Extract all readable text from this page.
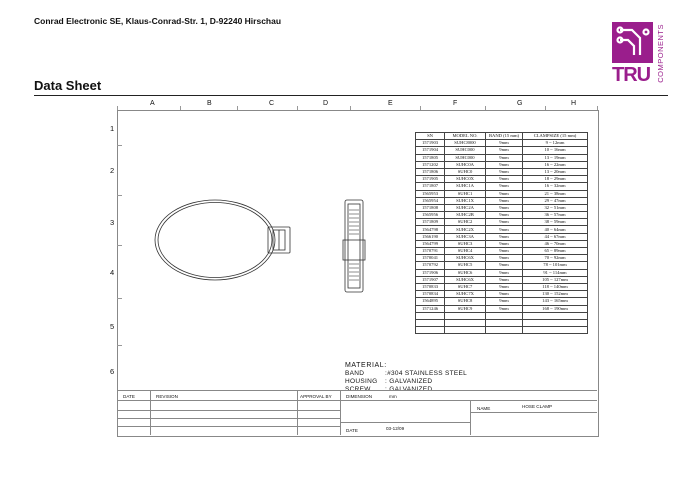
Conrad Electronic SE, Klaus-Conrad-Str. 1, D-92240 Hirschau
Data Sheet	TRU COMPONENTS
A	B	C	D	E	F	G	H
1
2
3
4
5
6
SN	MODEL NO.	BAND (15 mm)	CLAMPSIZE (15 mm)
1571903	SUHC8000	9mm	9 ~ 12mm
1571904	SUHC000	9mm	10 ~ 16mm
1571805	SUHC000	9mm	13 ~ 19mm
1571202	SUHC0A	9mm	16 ~ 22mm
1571806	SUHC0	9mm	13 ~ 20mm
1571905	SUHC0X	9mm	18 ~ 29mm
1571807	SUHC1A	9mm	16 ~ 32mm
1565953	SUHC1	9mm	21 ~ 38mm
1565954	SUHC1X	9mm	29 ~ 47mm
1571808	SUHC2A	9mm	32 ~ 51mm
1565956	SUHC2B	9mm	36 ~ 57mm
1571809	SUHC2	9mm	38 ~ 59mm
1564798	SUHC2X	9mm	40 ~ 64mm
1566190	SUHC3A	9mm	44 ~ 67mm
1564799	SUHC3	9mm	46 ~ 70mm
1570791	SUHC4	9mm	65 ~ 89mm
1570041	SUHC6X	9mm	70 ~ 92mm
1570792	SUHC5	9mm	78 ~ 101mm
1571906	SUHC6	9mm	91 ~ 114mm
1571907	SUHC6X	9mm	105 ~ 127mm
1570833	SUHC7	9mm	118 ~ 140mm
1570834	SUHC7X	9mm	130 ~ 152mm
1564895	SUHC8	9mm	143 ~ 165mm
1571246	SUHC9	9mm	168 ~ 190mm

MATERIAL:
BAND	:#304 STAINLESS STEEL
HOUSING : GALVANIZED
SCREW : GALVANIZED
DATE	REVISION	APPROVAL BY	DIMENSION	mm
NAME	HOSE CLAMP
DATE	03-12/09
